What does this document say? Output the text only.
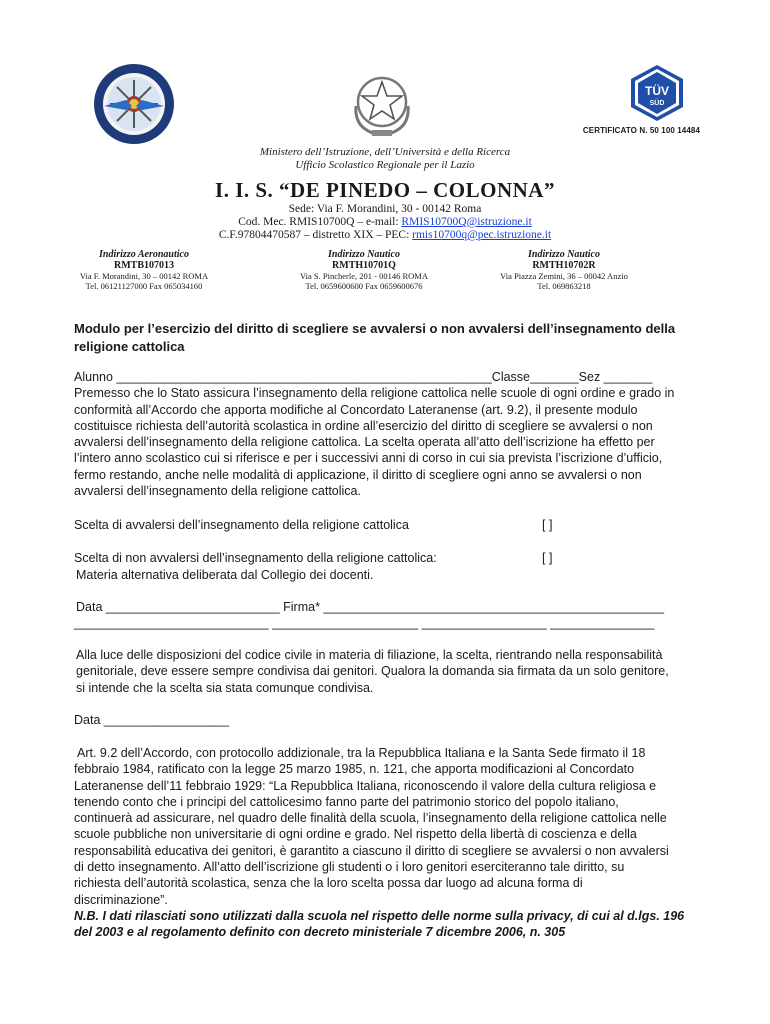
TÜV
SÜD
CERTIFICATO N. 50 100 14484
Ministero dell’Istruzione, dell’Università e della Ricerca
Ufficio Scolastico Regionale per il Lazio
I. I. S. “DE PINEDO – COLONNA”
Sede: Via F. Morandini, 30 - 00142 Roma
Cod. Mec. RMIS10700Q – e-mail: RMIS10700Q@istruzione.it
C.F.97804470587 – distretto XIX – PEC: rmis10700q@pec.istruzione.it
Indirizzo Aeronautico
RMTB107013
Via F. Morandini, 30 – 00142 ROMA
Tel. 06121127000 Fax 065034160
Indirizzo Nautico
RMTH10701Q
Via S. Pincherle, 201 - 00146 ROMA
Tel. 0659600600 Fax 0659600676
Indirizzo Nautico
RMTH10702R
Via Piazza Zemini, 36 – 00042 Anzio
Tel. 069863218
Modulo per l’esercizio del diritto di scegliere se avvalersi o non avvalersi dell’insegnamento della
religione cattolica
Alunno ______________________________________________________Classe_______Sez _______
Premesso che lo Stato assicura l’insegnamento della religione cattolica nelle scuole di ogni ordine e grado in
conformità all’Accordo che apporta modifiche al Concordato Lateranense (art. 9.2), il presente modulo
costituisce richiesta dell’autorità scolastica in ordine all’esercizio del diritto di scegliere se avvalersi o non
avvalersi dell’insegnamento della religione cattolica. La scelta operata all’atto dell’iscrizione ha effetto per
l’intero anno scolastico cui si riferisce e per i successivi anni di corso in cui sia prevista l’iscrizione d’ufficio,
fermo restando, anche nelle modalità di applicazione, il diritto di scegliere ogni anno se avvalersi o non
avvalersi dell’insegnamento della religione cattolica.
Scelta di avvalersi dell’insegnamento della religione cattolica	[ ]
Scelta di non avvalersi dell’insegnamento della religione cattolica:	[ ]
Materia alternativa deliberata dal Collegio dei docenti.
Data _________________________ Firma* _________________________________________________
____________________________ _____________________ __________________ _______________
Alla luce delle disposizioni del codice civile in materia di filiazione, la scelta, rientrando nella responsabilità
genitoriale, deve essere sempre condivisa dai genitori. Qualora la domanda sia firmata da un solo genitore,
si intende che la scelta sia stata comunque condivisa.
Data __________________
Art. 9.2 dell’Accordo, con protocollo addizionale, tra la Repubblica Italiana e la Santa Sede firmato il 18
febbraio 1984, ratificato con la legge 25 marzo 1985, n. 121, che apporta modificazioni al Concordato
Lateranense dell’11 febbraio 1929: “La Repubblica Italiana, riconoscendo il valore della cultura religiosa e
tenendo conto che i principi del cattolicesimo fanno parte del patrimonio storico del popolo italiano,
continuerà ad assicurare, nel quadro delle finalità della scuola, l’insegnamento della religione cattolica nelle
scuole pubbliche non universitarie di ogni ordine e grado. Nel rispetto della libertà di coscienza e della
responsabilità educativa dei genitori, è garantito a ciascuno il diritto di scegliere se avvalersi o non avvalersi
di detto insegnamento. All’atto dell’iscrizione gli studenti o i loro genitori eserciteranno tale diritto, su
richiesta dell’autorità scolastica, senza che la loro scelta possa dar luogo ad alcuna forma di
discriminazione”.
N.B. I dati rilasciati sono utilizzati dalla scuola nel rispetto delle norme sulla privacy, di cui al d.lgs. 196
del 2003 e al regolamento definito con decreto ministeriale 7 dicembre 2006, n. 305
